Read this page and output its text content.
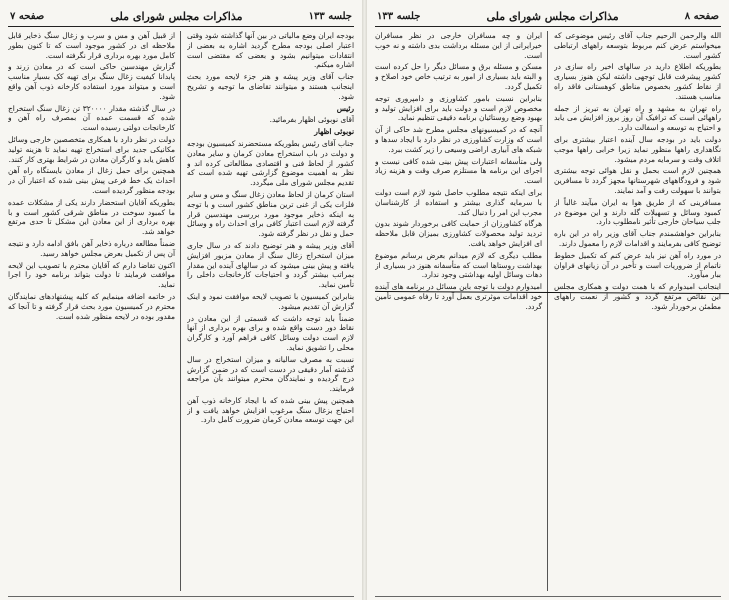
جلسه ۱۳۳
مذاکرات مجلس شورای ملی
صفحه ۷

بودجه ایران وضع مالیاتی در بین آنها گذاشته شود وقتی اعتبار اصلی بودجه مطرح گردید اشاره به بعضی از انتقادات میتوانیم بشود و بعضی که مقتضی است اشاره میکنم.

جناب آقای وزیر پیشه و هنر جزء لایحه مورد بحث اینجانب هستند و میتوانند تقاضای ما توجیه و تشریح شود.

رئیس

آقای نوبوئی اظهار بفرمائید.

نوبوئی اظهار

جناب آقای رئیس بطوریکه مستحضرند کمیسیون بودجه و دولت در باب استخراج معادن کرمان و سایر معادن کشور از لحاظ فنی و اقتصادی مطالعاتی کرده اند و نظر به اهمیت موضوع گزارشی تهیه شده است که تقدیم مجلس شورای ملی میگردد.

استان کرمان از لحاظ معادن زغال سنگ و مس و سایر فلزات یکی از غنی ترین مناطق کشور است و با توجه به اینکه ذخایر موجود مورد بررسی مهندسین قرار گرفته لازم است اعتبار کافی برای احداث راه و وسائل حمل و نقل در نظر گرفته شود.

آقای وزیر پیشه و هنر توضیح دادند که در سال جاری میزان استخراج زغال سنگ از معادن مزبور افزایش یافته و پیش بینی میشود که در سالهای آینده این مقدار بمراتب بیشتر گردد و احتیاجات کارخانجات داخلی را تأمین نماید.

بنابراین کمیسیون با تصویب لایحه موافقت نمود و اینک گزارش آن تقدیم میشود.

ضمناً باید توجه داشت که قسمتی از این معادن در نقاط دور دست واقع شده و برای بهره برداری از آنها لازم است دولت وسائل کافی فراهم آورد و کارگران محلی را تشویق نماید.

نسبت به مصرف سالیانه و میزان استخراج در سال گذشته آمار دقیقی در دست است که در ضمن گزارش درج گردیده و نمایندگان محترم میتوانند بآن مراجعه فرمایند.

همچنین پیش بینی شده که با ایجاد کارخانه ذوب آهن احتیاج بزغال سنگ مرغوب افزایش خواهد یافت و از این جهت توسعه معادن کرمان ضرورت کامل دارد.

از قبیل آهن و مس و سرب و زغال سنگ ذخایر قابل ملاحظه ای در کشور موجود است که تا کنون بطور کامل مورد بهره برداری قرار نگرفته است.

گزارش مهندسین حاکی است که در معادن زرند و پابدانا کیفیت زغال سنگ برای تهیه کک بسیار مناسب است و میتواند مورد استفاده کارخانه ذوب آهن واقع شود.

در سال گذشته مقدار ۳۲۰۰۰۰ تن زغال سنگ استخراج شده که قسمت عمده آن بمصرف راه آهن و کارخانجات دولتی رسیده است.

دولت در نظر دارد با همکاری متخصصین خارجی وسائل مکانیکی جدید برای استخراج تهیه نماید تا هزینه تولید کاهش یابد و کارگران معادن در شرایط بهتری کار کنند.

همچنین برای حمل زغال از معادن بایستگاه راه آهن احداث یک خط فرعی پیش بینی شده که اعتبار آن در بودجه منظور گردیده است.

بطوریکه آقایان استحضار دارند یکی از مشکلات عمده ما کمبود سوخت در مناطق شرقی کشور است و با بهره برداری از این معادن این مشکل تا حدی مرتفع خواهد شد.

ضمناً مطالعه درباره ذخایر آهن بافق ادامه دارد و نتیجه آن پس از تکمیل بعرض مجلس خواهد رسید.

اکنون تقاضا دارم که آقایان محترم با تصویب این لایحه موافقت فرمایند تا دولت بتواند برنامه خود را اجرا نماید.

در خاتمه اضافه مینمایم که کلیه پیشنهادهای نمایندگان محترم در کمیسیون مورد بحث قرار گرفته و تا آنجا که مقدور بوده در لایحه منظور شده است.

صفحه ۸
مذاکرات مجلس شورای ملی
جلسه ۱۳۳

الله والرحمن الرحیم جناب آقای رئیس موضوعی که میخواستم عرض کنم مربوط بتوسعه راههای ارتباطی کشور است.

بطوریکه اطلاع دارید در سالهای اخیر راه سازی در کشور پیشرفت قابل توجهی داشته لیکن هنوز بسیاری از نقاط کشور بخصوص مناطق کوهستانی فاقد راه مناسب هستند.

راه تهران به مشهد و راه تهران به تبریز از جمله راههائی است که ترافیک آن روز بروز افزایش می یابد و احتیاج به توسعه و اسفالت دارد.

دولت باید در بودجه سال آینده اعتبار بیشتری برای نگاهداری راهها منظور نماید زیرا خرابی راهها موجب اتلاف وقت و سرمایه مردم میشود.

همچنین لازم است بحمل و نقل هوائی توجه بیشتری شود و فرودگاههای شهرستانها مجهز گردد تا مسافرین بتوانند با سهولت رفت و آمد نمایند.

مسافرینی که از طریق هوا به ایران میآیند غالباً از کمبود وسائل و تسهیلات گله دارند و این موضوع در جلب سیاحان خارجی تأثیر نامطلوب دارد.

بنابراین خواهشمندم جناب آقای وزیر راه در این باره توضیح کافی بفرمایند و اقدامات لازم را معمول دارند.

در مورد راه آهن نیز باید عرض کنم که تکمیل خطوط ناتمام از ضروریات است و تأخیر در آن زیانهای فراوان ببار میآورد.

اینجانب امیدوارم که با همت دولت و همکاری مجلس این نقائص مرتفع گردد و کشور از نعمت راههای مطمئن برخوردار شود.

ایران و چه مسافران خارجی در نظر مسافران خیرایرانی از این مسئله برداشت بدی داشته و نه خوب است.

مسکن و مسئله برق و مسائل دیگر را حل کرده است و البته باید بسیاری از امور به ترتیب خاص خود اصلاح و تکمیل گردد.

بنابراین نسبت بامور کشاورزی و دامپروری توجه مخصوص لازم است و دولت باید برای افزایش تولید و بهبود وضع روستائیان برنامه دقیقی تنظیم نماید.

آنچه که در کمیسیونهای مجلس مطرح شد حاکی از آن است که وزارت کشاورزی در نظر دارد با ایجاد سدها و شبکه های آبیاری اراضی وسیعی را زیر کشت ببرد.

ولی متأسفانه اعتبارات پیش بینی شده کافی نیست و اجرای این برنامه ها مستلزم صرف وقت و هزینه زیاد است.

برای اینکه نتیجه مطلوب حاصل شود لازم است دولت با سرمایه گذاری بیشتر و استفاده از کارشناسان مجرب این امر را دنبال کند.

هرگاه کشاورزان از حمایت کافی برخوردار شوند بدون تردید تولید محصولات کشاورزی بمیزان قابل ملاحظه ای افزایش خواهد یافت.

مطلب دیگری که لازم میدانم بعرض برسانم موضوع بهداشت روستاها است که متأسفانه هنوز در بسیاری از دهات وسائل اولیه بهداشتی وجود ندارد.

امیدوارم دولت با توجه باین مسائل در برنامه های آینده خود اقدامات موثرتری بعمل آورد تا رفاه عمومی تأمین گردد.
